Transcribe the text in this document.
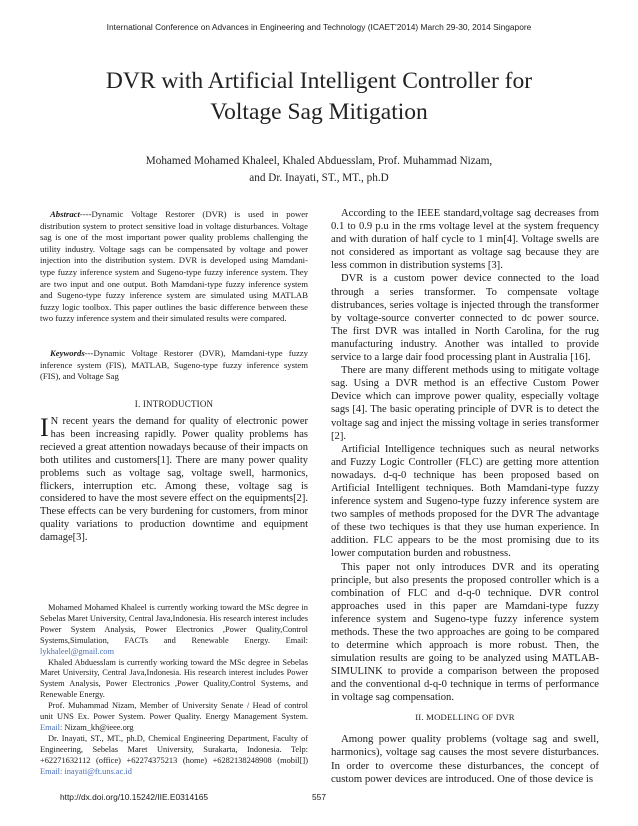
International Conference on Advances in Engineering and Technology (ICAET'2014) March 29-30, 2014 Singapore
DVR with Artificial Intelligent Controller for
Voltage Sag Mitigation
Mohamed Mohamed Khaleel, Khaled Abduesslam, Prof. Muhammad Nizam,
and Dr. Inayati, ST., MT., ph.D

Abstract----Dynamic Voltage Restorer (DVR) is used in power distribution system to protect sensitive load in voltage disturbances. Voltage sag is one of the most important power quality problems challenging the utility industry. Voltage sags can be compensated by voltage and power injection into the distribution system. DVR is developed using Mamdani-type fuzzy inference system and Sugeno-type fuzzy inference system. They are two input and one output. Both Mamdani-type fuzzy inference system and Sugeno-type fuzzy inference system are simulated using MATLAB fuzzy logic toolbox. This paper outlines the basic difference between these two fuzzy inference system and their simulated results were compared.

Keywords---Dynamic Voltage Restorer (DVR), Mamdani-type fuzzy inference system (FIS), MATLAB, Sugeno-type fuzzy inference system (FIS), and Voltage Sag

I. INTRODUCTION

I N recent years the demand for quality of electronic power has been increasing rapidly. Power quality problems has recieved a great attention nowadays because of their impacts on both utilites and customers[1]. There are many power quality problems such as voltage sag, voltage swell, harmonics, flickers, interruption etc. Among these, voltage sag is considered to have the most severe effect on the equipments[2]. These effects can be very burdening for customers, from minor quality variations to production downtime and equipment damage[3].

Mohamed Mohamed Khaleel is currently working toward the MSc degree in Sebelas Maret University, Central Java,Indonesia. His research interest includes Power System Analysis, Power Electronics ,Power Quality,Control Systems,Simulation, FACTs and Renewable Energy. Email: lykhaleel@gmail.com

Khaled Abduesslam is currently working toward the MSc degree in Sebelas Maret University, Central Java,Indonesia. His research interest includes Power System Analysis, Power Electronics ,Power Quality,Control Systems, and Renewable Energy.

Prof. Muhammad Nizam, Member of University Senate / Head of control unit UNS Ex. Power System. Power Quality. Energy Management System. Email: Nizam_kh@ieee.org

Dr. Inayati, ST., MT., ph.D, Chemical Engineering Department, Faculty of Engineering, Sebelas Maret University, Surakarta, Indonesia. Telp: +62271632112 (office) +62274375213 (home) +6282138248908 (mobil[]) Email: inayati@ft.uns.ac.id

According to the IEEE standard,voltage sag decreases from 0.1 to 0.9 p.u in the rms voltage level at the system frequency and with duration of half cycle to 1 min[4]. Voltage swells are not considered as important as voltage sag because they are less common in distribution systems [3].

DVR is a custom power device connected to the load through a series transformer. To compensate voltage distrubances, series voltage is injected through the transformer by voltage-source converter connected to dc power source. The first DVR was intalled in North Carolina, for the rug manufacturing industry. Another was intalled to provide service to a large dair food processing plant in Australia [16].

There are many different methods using to mitigate voltage sag. Using a DVR method is an effective Custom Power Device which can improve power quality, especially voltage sags [4]. The basic operating principle of DVR is to detect the voltage sag and inject the missing voltage in series transformer [2].

Artificial Intelligence techniques such as neural networks and Fuzzy Logic Controller (FLC) are getting more attention nowadays. d-q-0 technique has been proposed based on Artificial Intelligent techniques. Both Mamdani-type fuzzy inference system and Sugeno-type fuzzy inference system are two samples of methods proposed for the DVR The advantage of these two techiques is that they use human experience. In addition. FLC appears to be the most promising due to its lower computation burden and robustness.

This paper not only introduces DVR and its operating principle, but also presents the proposed controller which is a combination of FLC and d-q-0 technique. DVR control approaches used in this paper are Mamdani-type fuzzy inference system and Sugeno-type fuzzy inference system methods. These the two approaches are going to be compared to determine which approach is more robust. Then, the simulation results are going to be analyzed using MATLAB-SIMULINK to provide a comparison between the proposed and the conventional d-q-0 technique in terms of performance in voltage sag compensation.

II. MODELLING OF DVR

Among power quality problems (voltage sag and swell, harmonics), voltage sag causes the most severe disturbances. In order to overcome these disturbances, the concept of custom power devices are introduced. One of those device is

http://dx.doi.org/10.15242/IIE.E0314165	557
